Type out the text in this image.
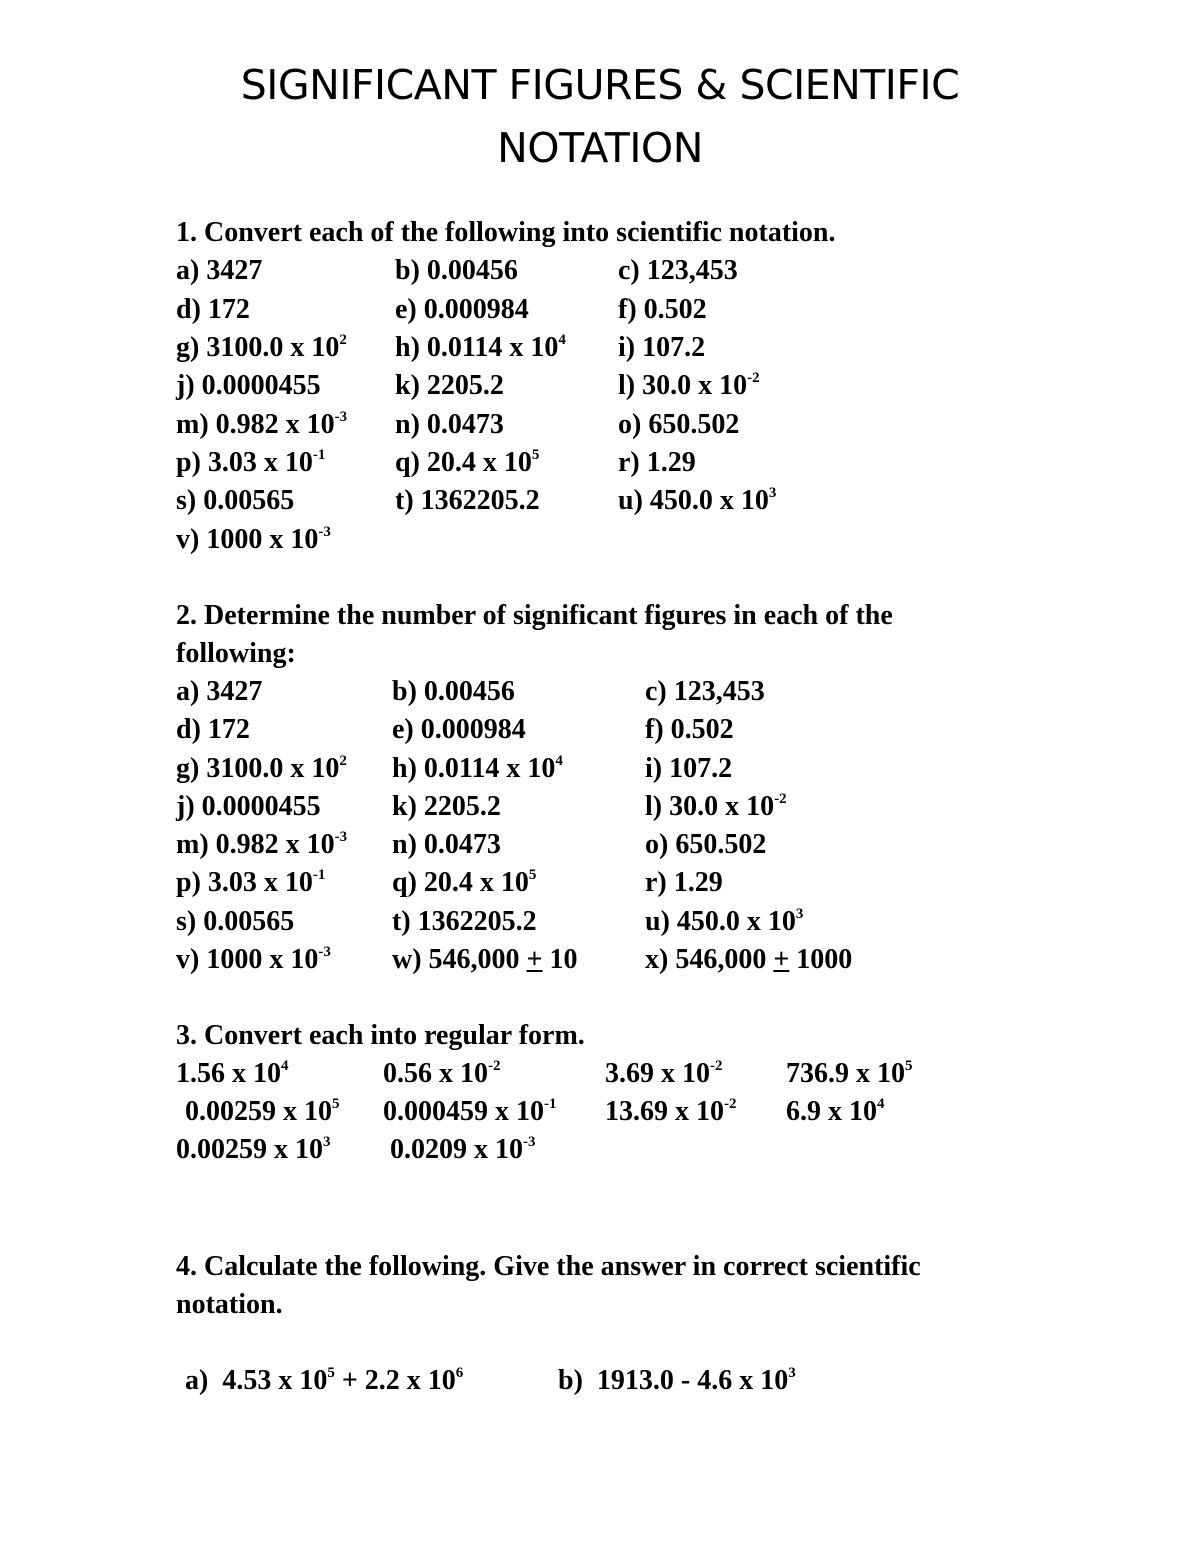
SIGNIFICANT FIGURES & SCIENTIFIC
NOTATION
1. Convert each of the following into scientific notation.
a) 3427	b) 0.00456	c) 123,453
d) 172	e) 0.000984	f) 0.502
g) 3100.0 x $10^2$ h) 0.0114 x $10^4$ i) 107.2
j) 0.0000455	k) 2205.2	l) 30.0 x $10^{-2}$
m) 0.982 x $10^{-3}$ n) 0.0473	o) 650.502
p) 3.03 x $10^{-1}$ q) 20.4 x $10^5$	r) 1.29
s) 0.00565	t) 1362205.2	u) 450.0 x $10^3$
v) 1000 x $10^{-3}$
2. Determine the number of significant figures in each of the
following:
a) 3427	b) 0.00456	c) 123,453
d) 172	e) 0.000984	f) 0.502
g) 3100.0 x $10^2$ h) 0.0114 x $10^4$	i) 107.2
j) 0.0000455	k) 2205.2	l) 30.0 x $10^{-2}$
m) 0.982 x $10^{-3}$ n) 0.0473	o) 650.502
p) 3.03 x $10^{-1}$ q) 20.4 x $10^5$	r) 1.29
s) 0.00565	t) 1362205.2	u) 450.0 x $10^3$
v) 1000 x $10^{-3}$ w) 546,000 + 10 x) 546,000 + 1000
3. Convert each into regular form.
1.56 x $10^4$	0.56 x $10^{-2}$	3.69 x $10^{-2}$ 736.9 x $10^5$
0.00259 x $10^5$ 0.000459 x $10^{-1}$ 13.69 x $10^{-2}$ 6.9 x $10^4$
0.00259 x $10^3$ 0.0209 x $10^{-3}$
4. Calculate the following. Give the answer in correct scientific
notation.
a) 4.53 x $10^5 + 2.2$ x $10^6$	b) 1913.0 - 4.6 x $10^3$
